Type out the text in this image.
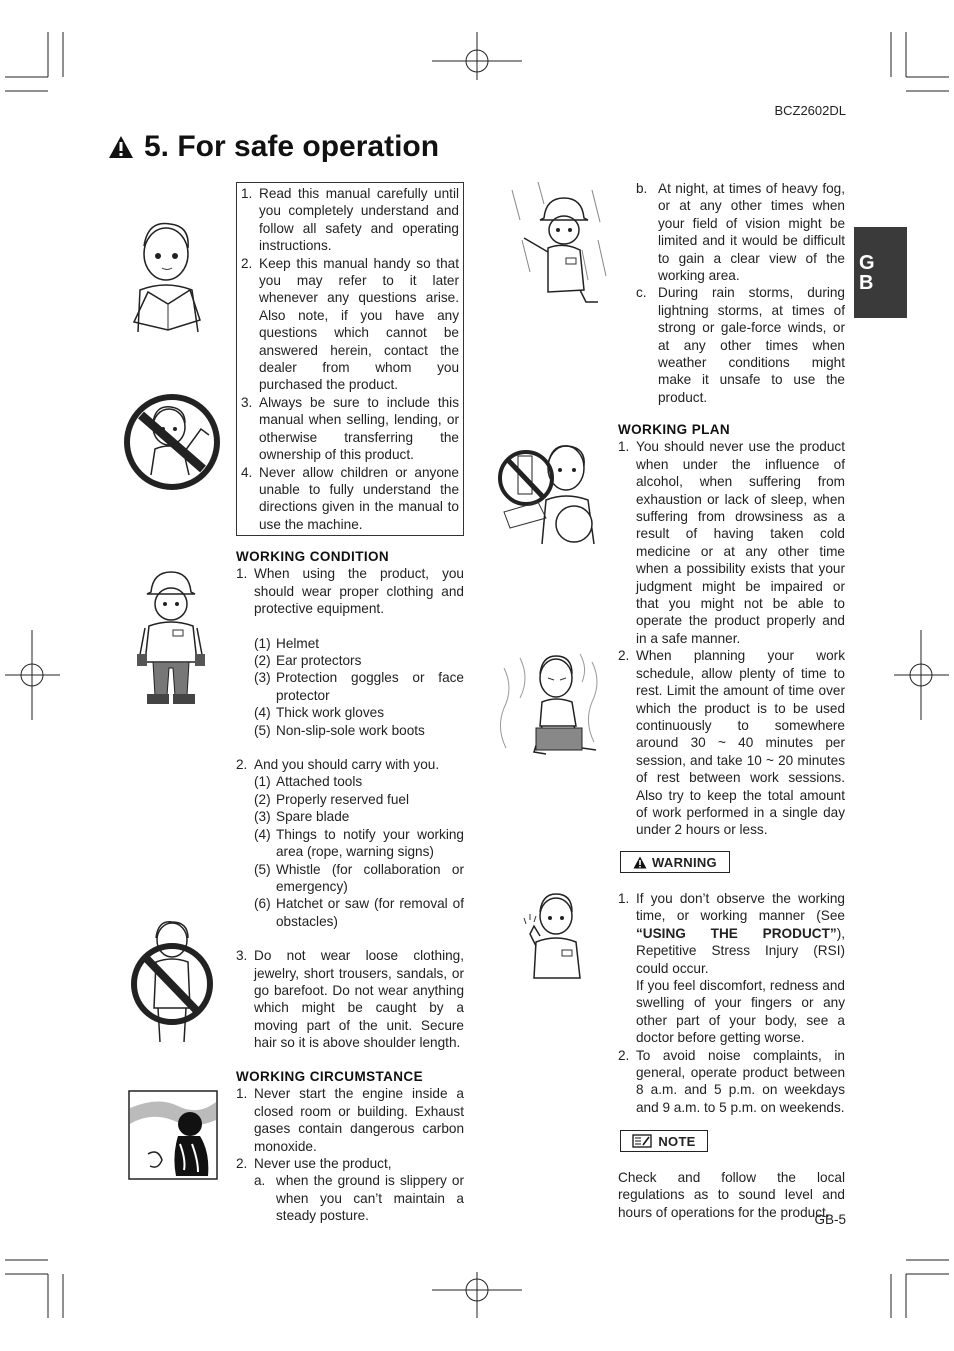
BCZ2602DL
5. For safe operation
G B
1. Read this manual carefully until you completely understand and follow all safety and operating instructions.
2. Keep this manual handy so that you may refer to it later whenever any questions arise. Also note, if you have any questions which cannot be answered herein, contact the dealer from whom you purchased the product.
3. Always be sure to include this manual when selling, lending, or otherwise transferring the ownership of this product.
4. Never allow children or anyone unable to fully understand the directions given in the manual to use the machine.
WORKING CONDITION
1. When using the product, you should wear proper clothing and protective equipment.
(1) Helmet
(2) Ear protectors
(3) Protection goggles or face protector
(4) Thick work gloves
(5) Non-slip-sole work boots
2. And you should carry with you.
(1) Attached tools
(2) Properly reserved fuel
(3) Spare blade
(4) Things to notify your working area (rope, warning signs)
(5) Whistle (for collaboration or emergency)
(6) Hatchet or saw (for removal of obstacles)
3. Do not wear loose clothing, jewelry, short trousers, sandals, or go barefoot. Do not wear anything which might be caught by a moving part of the unit. Secure hair so it is above shoulder length.
WORKING CIRCUMSTANCE
1. Never start the engine inside a closed room or building. Exhaust gases contain dangerous carbon monoxide.
2. Never use the product,
a. when the ground is slippery or when you can’t maintain a steady posture.
b. At night, at times of heavy fog, or at any other times when your field of vision might be limited and it would be difficult to gain a clear view of the working area.
c. During rain storms, during lightning storms, at times of strong or gale-force winds, or at any other times when weather conditions might make it unsafe to use the product.
WORKING PLAN
1. You should never use the product when under the influence of alcohol, when suffering from exhaustion or lack of sleep, when suffering from drowsiness as a result of having taken cold medicine or at any other time when a possibility exists that your judgment might be impaired or that you might not be able to operate the product properly and in a safe manner.
2. When planning your work schedule, allow plenty of time to rest. Limit the amount of time over which the product is to be used continuously to somewhere around 30 ~ 40 minutes per session, and take 10 ~ 20 minutes of rest between work sessions. Also try to keep the total amount of work performed in a single day under 2 hours or less.
WARNING
1. If you don’t observe the working time, or working manner (See “USING THE PRODUCT”), Repetitive Stress Injury (RSI) could occur.
If you feel discomfort, redness and swelling of your fingers or any other part of your body, see a doctor before getting worse.
2. To avoid noise complaints, in general, operate product between 8 a.m. and 5 p.m. on weekdays and 9 a.m. to 5 p.m. on weekends.
NOTE
Check and follow the local regulations as to sound level and hours of operations for the product.
GB-5
